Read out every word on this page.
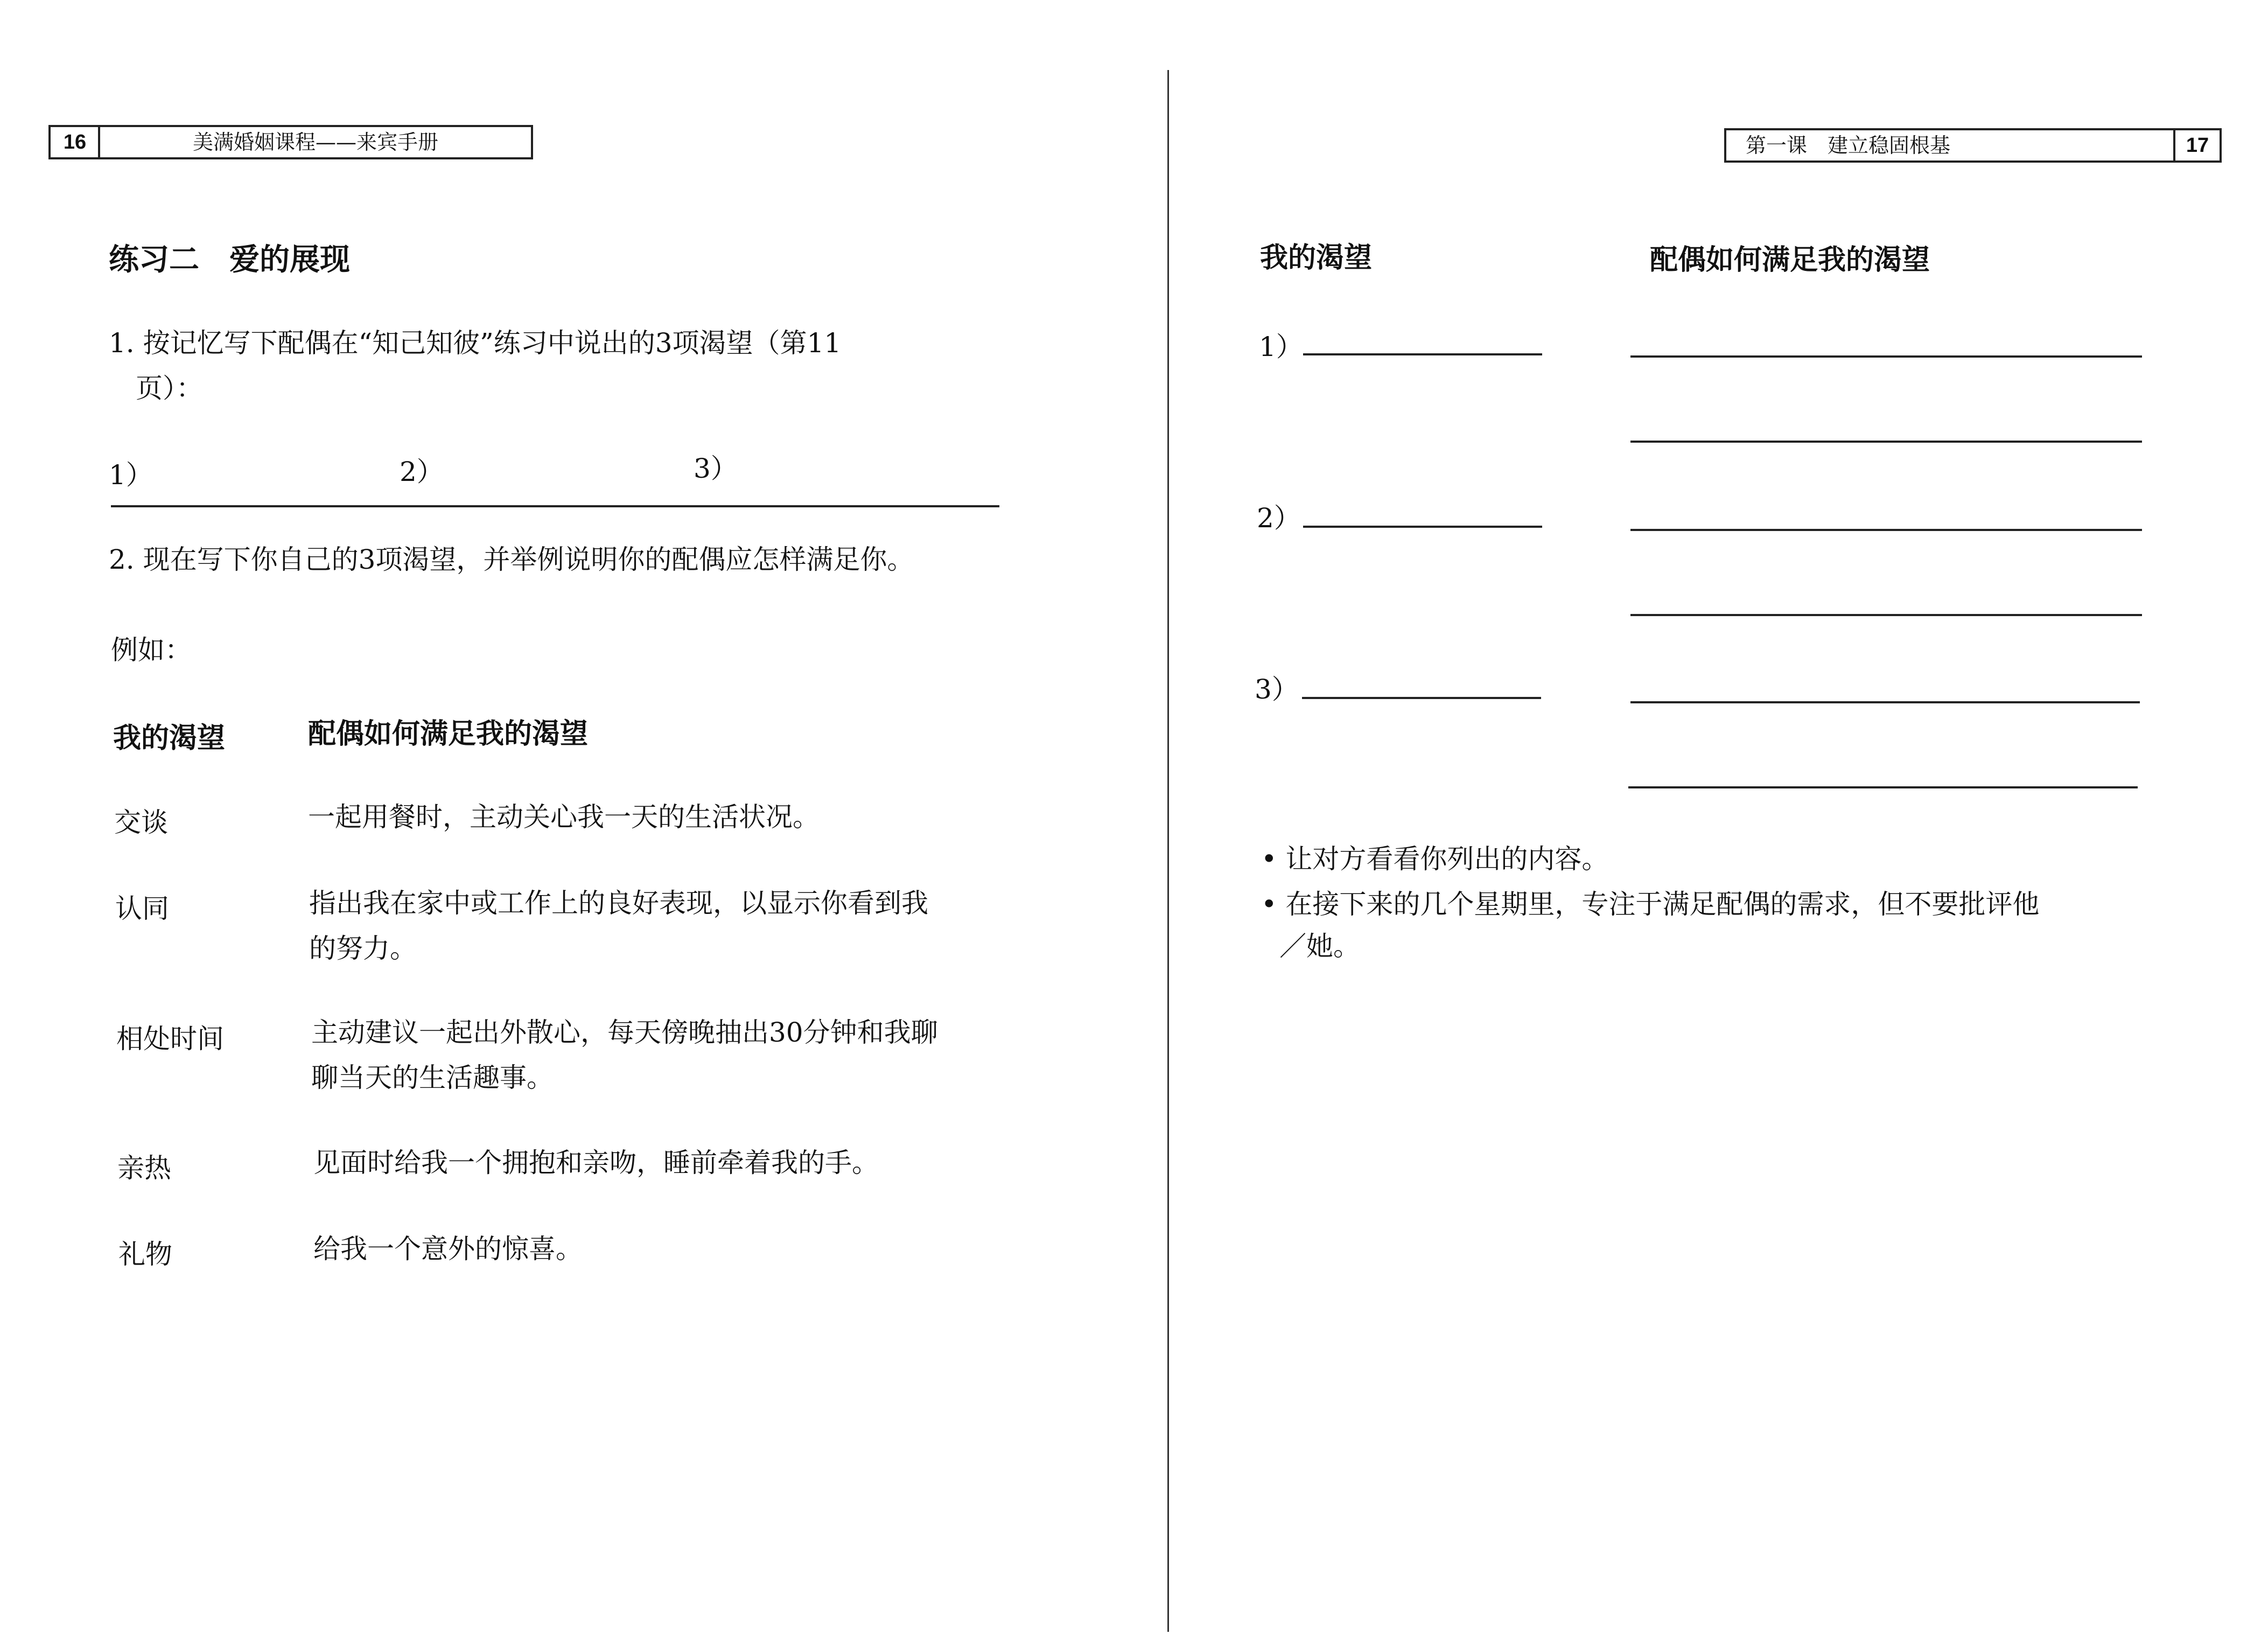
16	美满婚姻课程——来宾手册
练习二　爱的展现
1. 按记忆写下配偶在“知己知彼”练习中说出的3项渴望（第11
页）：
1）	2）	3）
2. 现在写下你自己的3项渴望，并举例说明你的配偶应怎样满足你。
例如：
我的渴望	配偶如何满足我的渴望
交谈	一起用餐时，主动关心我一天的生活状况。
认同	指出我在家中或工作上的良好表现，以显示你看到我
的努力。
相处时间	主动建议一起出外散心，每天傍晚抽出30分钟和我聊
聊当天的生活趣事。
亲热	见面时给我一个拥抱和亲吻，睡前牵着我的手。
礼物	给我一个意外的惊喜。
第一课　建立稳固根基	17
我的渴望	配偶如何满足我的渴望
1）
2）
3）
• 让对方看看你列出的内容。
• 在接下来的几个星期里，专注于满足配偶的需求，但不要批评他
／她。
